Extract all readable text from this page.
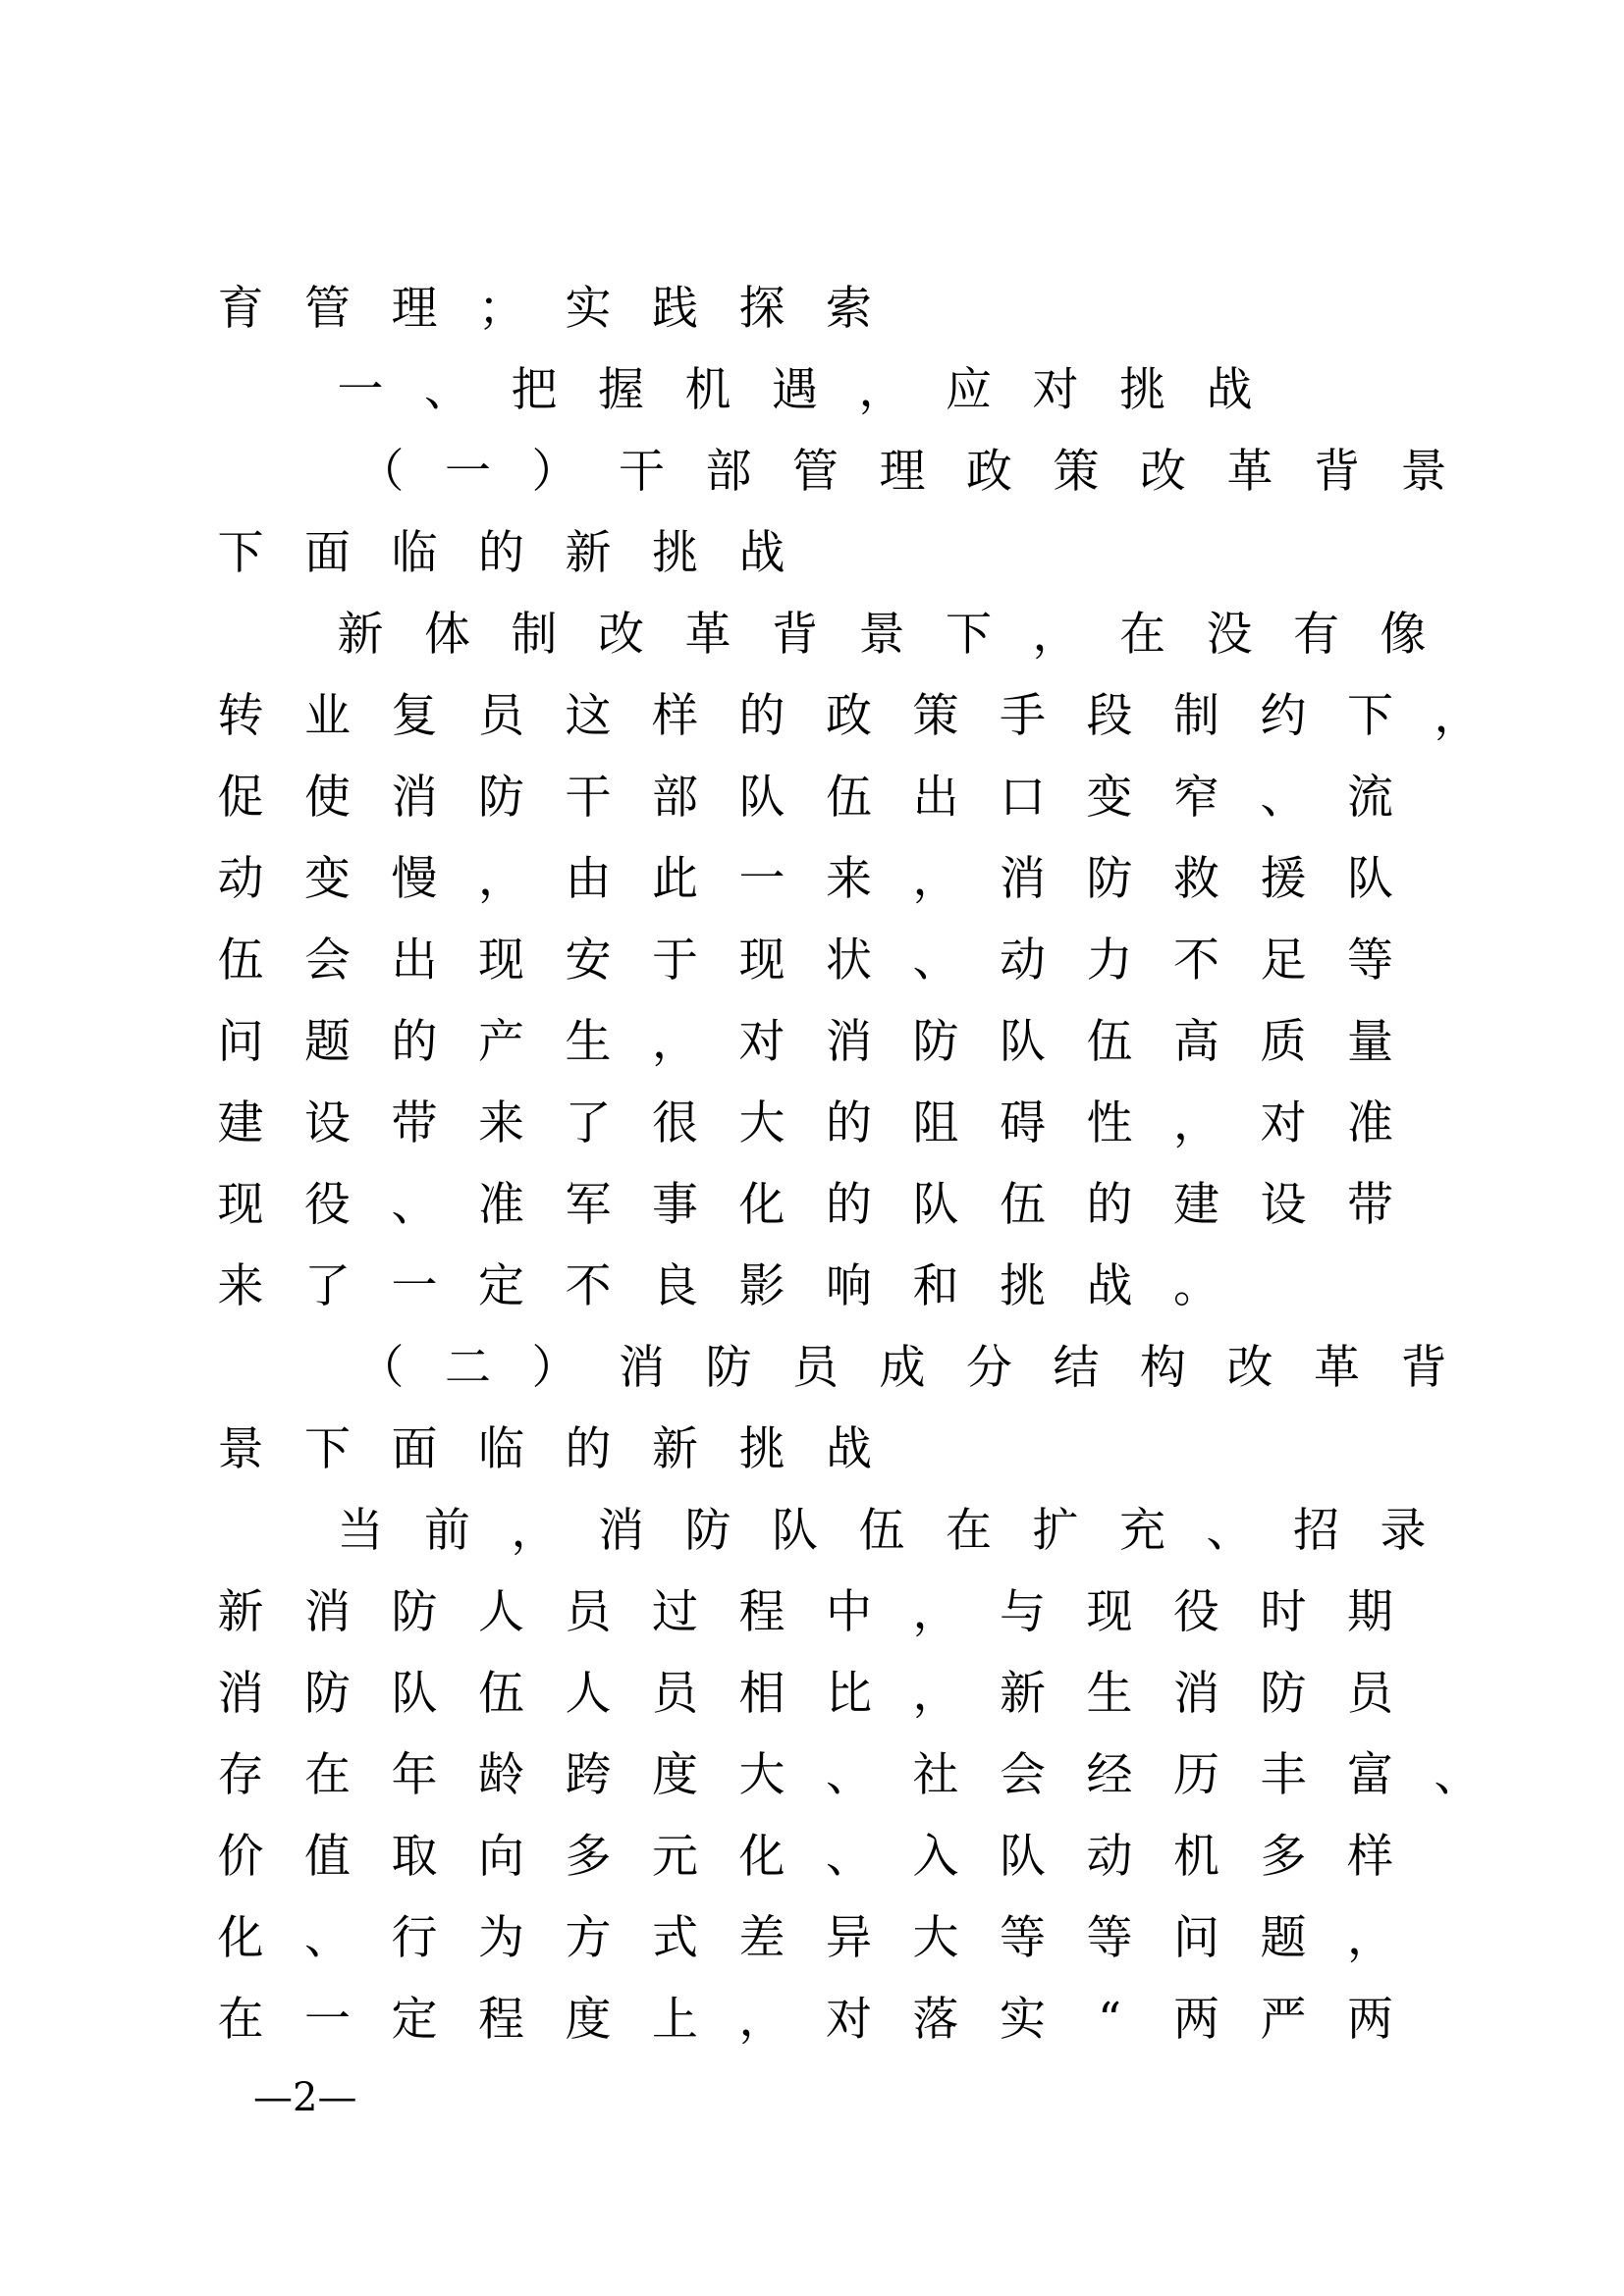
育 管 理 ； 实 践 探 索
一 、 把 握 机 遇 ， 应 对 挑 战
（ 一 ） 干 部 管 理 政 策 改 革 背 景
下 面 临 的 新 挑 战
新 体 制 改 革 背 景 下 ， 在 没 有 像
转 业 复 员 这 样 的 政 策 手 段 制 约 下 ，
促 使 消 防 干 部 队 伍 出 口 变 窄 、 流
动 变 慢 ， 由 此 一 来 ， 消 防 救 援 队
伍 会 出 现 安 于 现 状 、 动 力 不 足 等
问 题 的 产 生 ， 对 消 防 队 伍 高 质 量
建 设 带 来 了 很 大 的 阻 碍 性 ， 对 准
现 役 、 准 军 事 化 的 队 伍 的 建 设 带
来 了 一 定 不 良 影 响 和 挑 战 。
（ 二 ） 消 防 员 成 分 结 构 改 革 背
景 下 面 临 的 新 挑 战
当 前 ， 消 防 队 伍 在 扩 充 、 招 录
新 消 防 人 员 过 程 中 ， 与 现 役 时 期
消 防 队 伍 人 员 相 比 ， 新 生 消 防 员
存 在 年 龄 跨 度 大 、 社 会 经 历 丰 富 、
价 值 取 向 多 元 化 、 入 队 动 机 多 样
化 、 行 为 方 式 差 异 大 等 等 问 题 ，
在 一 定 程 度 上 ， 对 落 实	“	两 严 两
—2—
